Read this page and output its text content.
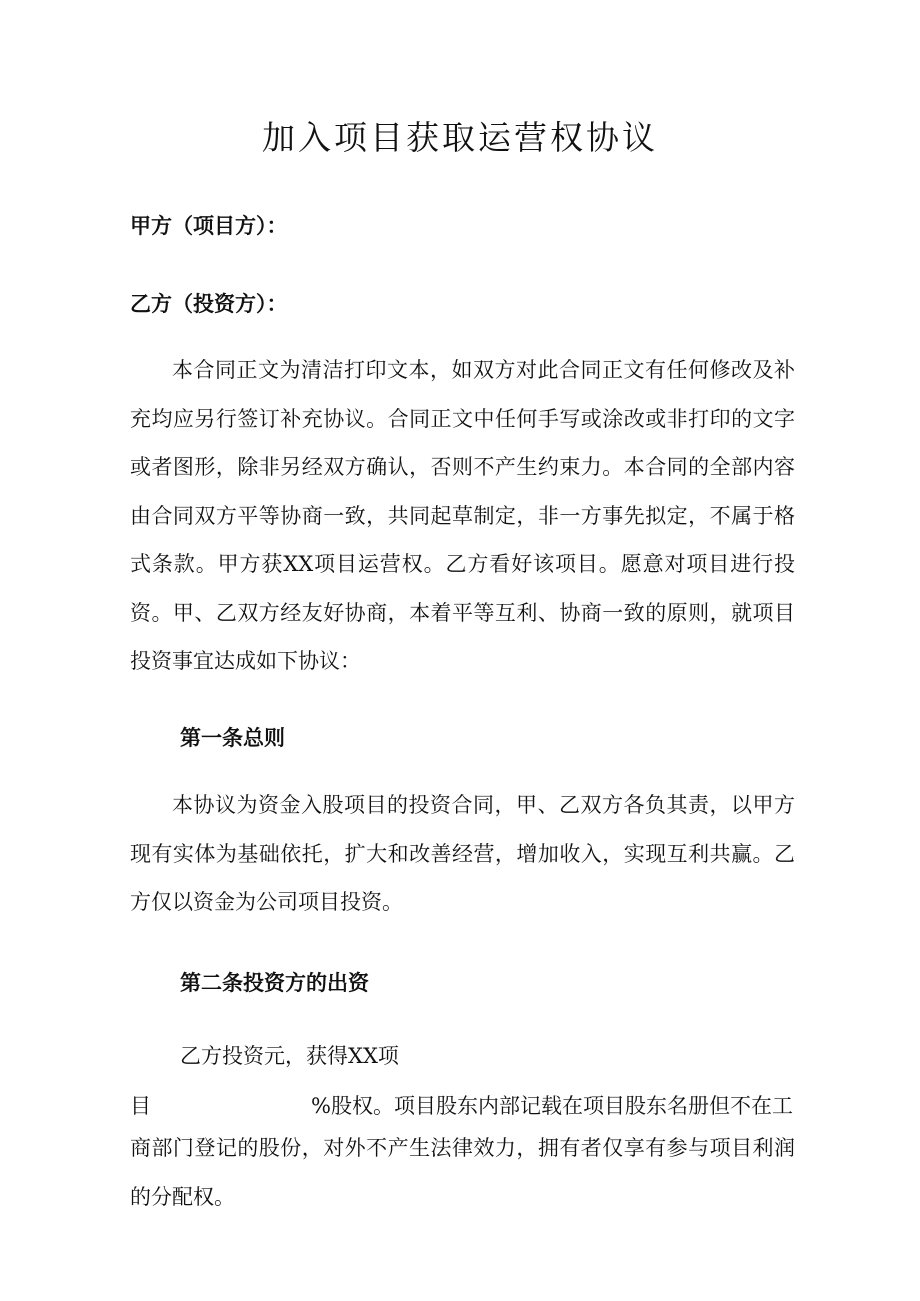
加入项目获取运营权协议

甲方（项目方）：

乙方（投资方）：

本合同正文为清洁打印文本，如双方对此合同正文有任何修改及补充均应另行签订补充协议。合同正文中任何手写或涂改或非打印的文字或者图形，除非另经双方确认，否则不产生约束力。本合同的全部内容由合同双方平等协商一致，共同起草制定，非一方事先拟定，不属于格式条款。甲方获XX项目运营权。乙方看好该项目。愿意对项目进行投资。甲、乙双方经友好协商，本着平等互利、协商一致的原则，就项目投资事宜达成如下协议：

第一条总则

本协议为资金入股项目的投资合同，甲、乙双方各负其责，以甲方现有实体为基础依托，扩大和改善经营，增加收入，实现互利共赢。乙方仅以资金为公司项目投资。

第二条投资方的出资

乙方投资元，获得XX项

目	%股权。项目股东内部记载在项目股东名册但不在工

商部门登记的股份，对外不产生法律效力，拥有者仅享有参与项目利润的分配权。
